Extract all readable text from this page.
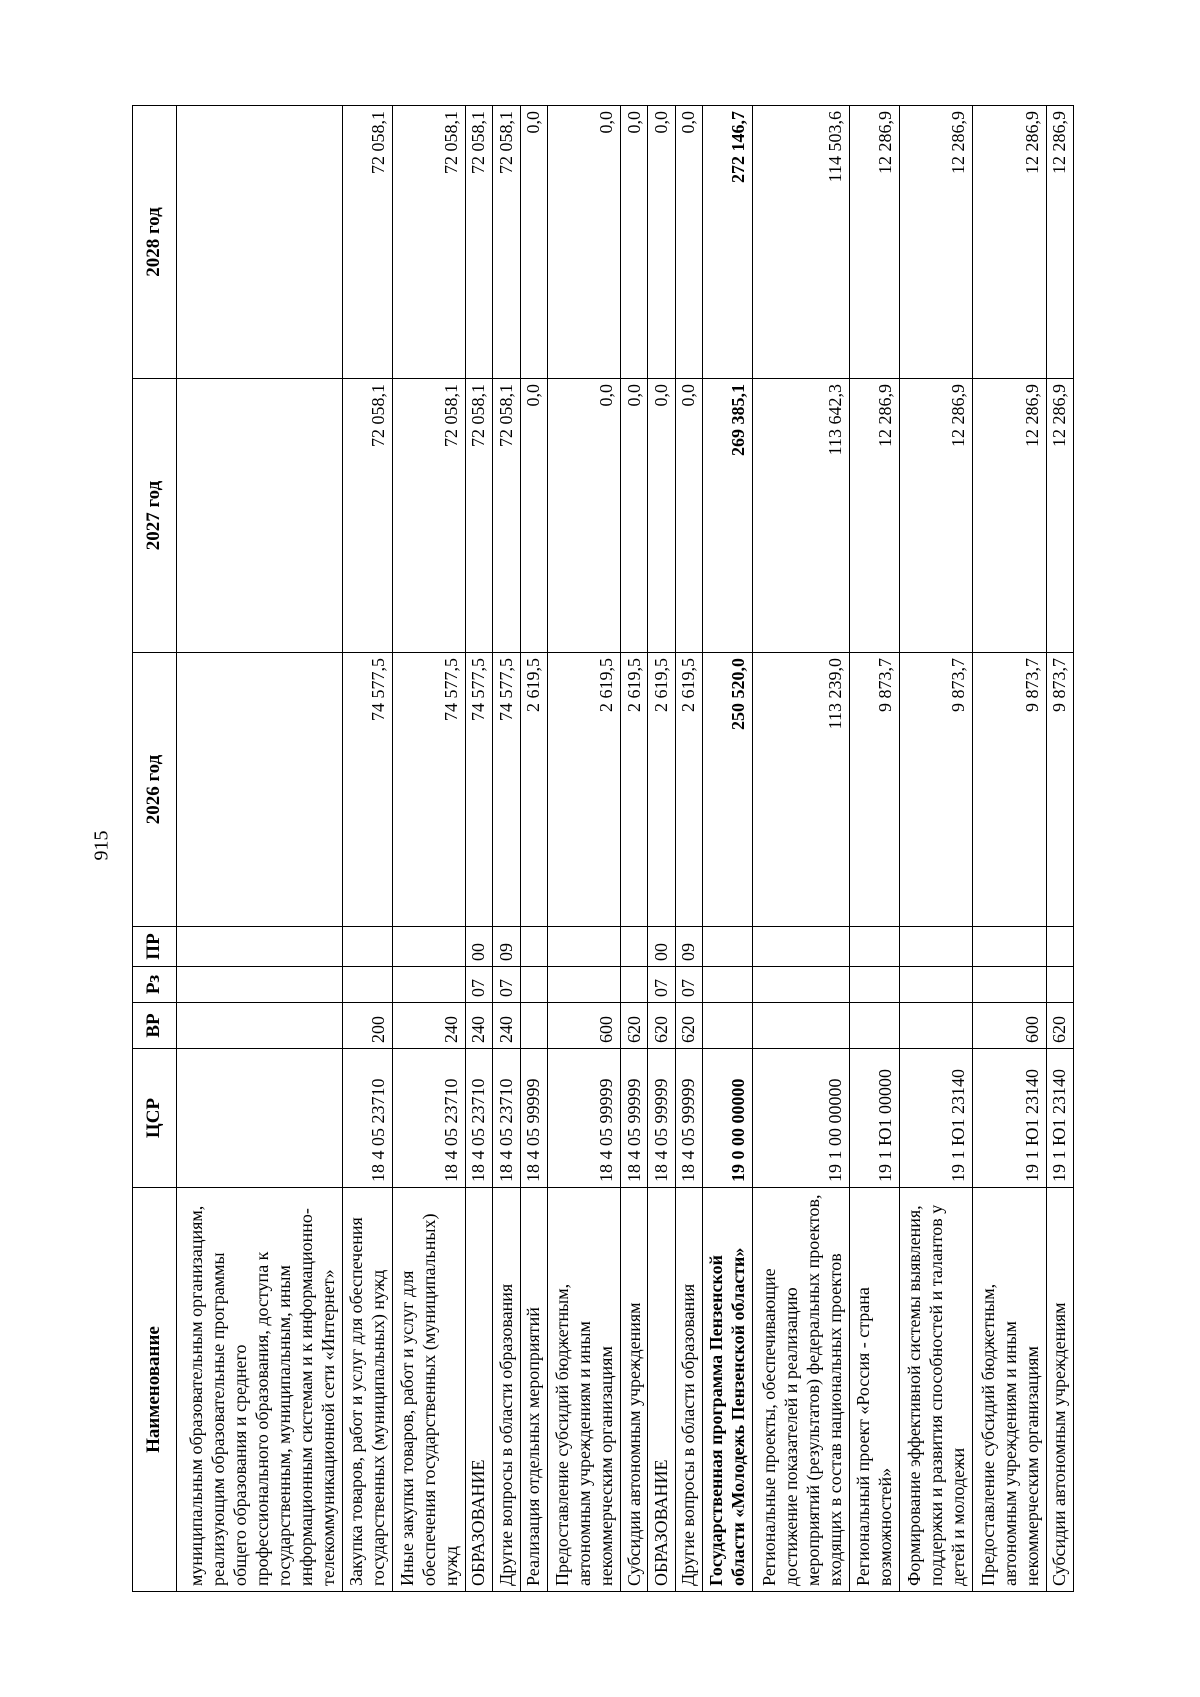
915
Наименование	ЦСР	ВР	Рз	ПР	2026 год	2027 год	2028 год
муниципальным образовательным организациям, реализующим образовательные программы общего образования и среднего профессионального образования, доступа к государственным, муниципальным, иным информационным системам и к информационно-телекоммуникационной сети «Интернет»							
Закупка товаров, работ и услуг для обеспечения государственных (муниципальных) нужд	18 4 05 23710	200			74 577,5	72 058,1	72 058,1
Иные закупки товаров, работ и услуг для обеспечения государственных (муниципальных) нужд	18 4 05 23710	240			74 577,5	72 058,1	72 058,1
ОБРАЗОВАНИЕ	18 4 05 23710	240	07	00	74 577,5	72 058,1	72 058,1
Другие вопросы в области образования	18 4 05 23710	240	07	09	74 577,5	72 058,1	72 058,1
Реализация отдельных мероприятий	18 4 05 99999				2 619,5	0,0	0,0
Предоставление субсидий бюджетным, автономным учреждениям и иным некоммерческим организациям	18 4 05 99999	600			2 619,5	0,0	0,0
Субсидии автономным учреждениям	18 4 05 99999	620			2 619,5	0,0	0,0
ОБРАЗОВАНИЕ	18 4 05 99999	620	07	00	2 619,5	0,0	0,0
Другие вопросы в области образования	18 4 05 99999	620	07	09	2 619,5	0,0	0,0
Государственная программа Пензенской области «Молодежь Пензенской области»	19 0 00 00000				250 520,0	269 385,1	272 146,7
Региональные проекты, обеспечивающие достижение показателей и реализацию мероприятий (результатов) федеральных проектов, входящих в состав национальных проектов	19 1 00 00000				113 239,0	113 642,3	114 503,6
Региональный проект «Россия - страна возможностей»	19 1 Ю1 00000				9 873,7	12 286,9	12 286,9
Формирование эффективной системы выявления, поддержки и развития способностей и талантов у детей и молодежи	19 1 Ю1 23140				9 873,7	12 286,9	12 286,9
Предоставление субсидий бюджетным, автономным учреждениям и иным некоммерческим организациям	19 1 Ю1 23140	600			9 873,7	12 286,9	12 286,9
Субсидии автономным учреждениям	19 1 Ю1 23140	620			9 873,7	12 286,9	12 286,9
